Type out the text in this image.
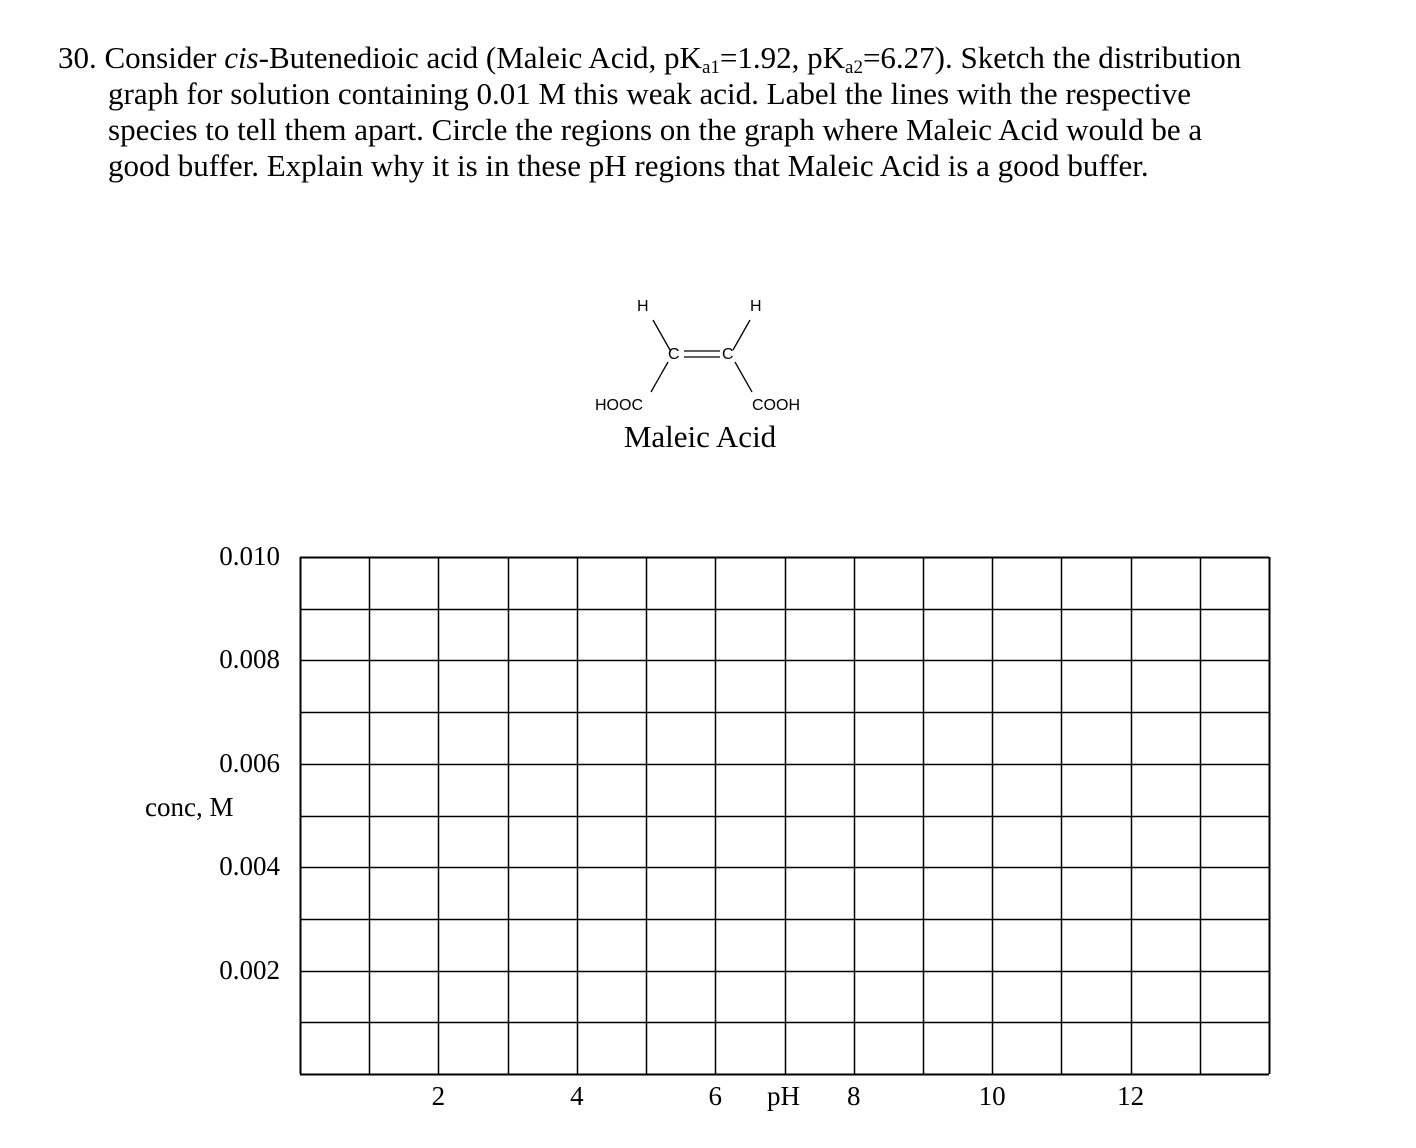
30. Consider cis-Butenedioic acid (Maleic Acid, $pK_{a1}=1.92$, $pK_{a2}=6.27$). Sketch the distribution
graph for solution containing 0.01 M this weak acid. Label the lines with the respective
species to tell them apart. Circle the regions on the graph where Maleic Acid would be a
good buffer. Explain why it is in these pH regions that Maleic Acid is a good buffer.
H	H
C	C
HOOC	COOH
Maleic Acid
conc, M
pH
0.010
0.008
0.006
0.004
0.002
2	4	6	8	10	12
